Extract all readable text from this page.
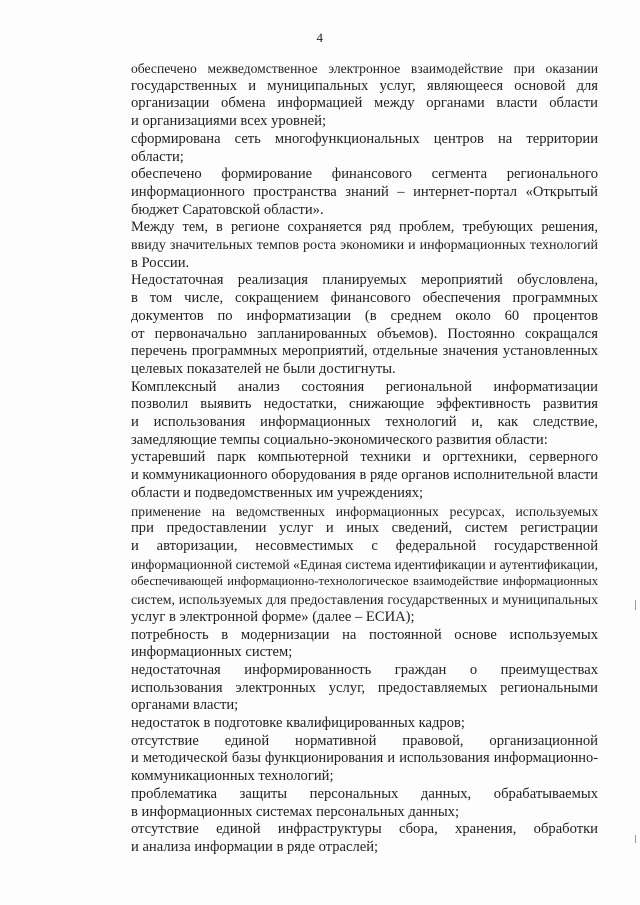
4

обеспечено межведомственное электронное взаимодействие при оказании
государственных и муниципальных услуг, являющееся основой для
организации обмена информацией между органами власти области
и организациями всех уровней;

сформирована сеть многофункциональных центров на территории
области;

обеспечено формирование финансового сегмента регионального
информационного пространства знаний – интернет-портал «Открытый
бюджет Саратовской области».

Между тем, в регионе сохраняется ряд проблем, требующих решения,
ввиду значительных темпов роста экономики и информационных технологий
в России.

Недостаточная реализация планируемых мероприятий обусловлена,
в том числе, сокращением финансового обеспечения программных
документов по информатизации (в среднем около 60 процентов
от первоначально запланированных объемов). Постоянно сокращался
перечень программных мероприятий, отдельные значения установленных
целевых показателей не были достигнуты.

Комплексный анализ состояния региональной информатизации
позволил выявить недостатки, снижающие эффективность развития
и использования информационных технологий и, как следствие,
замедляющие темпы социально-экономического развития области:

устаревший парк компьютерной техники и оргтехники, серверного
и коммуникационного оборудования в ряде органов исполнительной власти
области и подведомственных им учреждениях;

применение на ведомственных информационных ресурсах, используемых
при предоставлении услуг и иных сведений, систем регистрации
и авторизации, несовместимых с федеральной государственной
информационной системой «Единая система идентификации и аутентификации,
обеспечивающей информационно-технологическое взаимодействие информационных
систем, используемых для предоставления государственных и муниципальных
услуг в электронной форме» (далее – ЕСИА);

потребность в модернизации на постоянной основе используемых
информационных систем;

недостаточная информированность граждан о преимуществах
использования электронных услуг, предоставляемых региональными
органами власти;

недостаток в подготовке квалифицированных кадров;

отсутствие единой нормативной правовой, организационной
и методической базы функционирования и использования информационно-
коммуникационных технологий;

проблематика защиты персональных данных, обрабатываемых
в информационных системах персональных данных;

отсутствие единой инфраструктуры сбора, хранения, обработки
и анализа информации в ряде отраслей;
